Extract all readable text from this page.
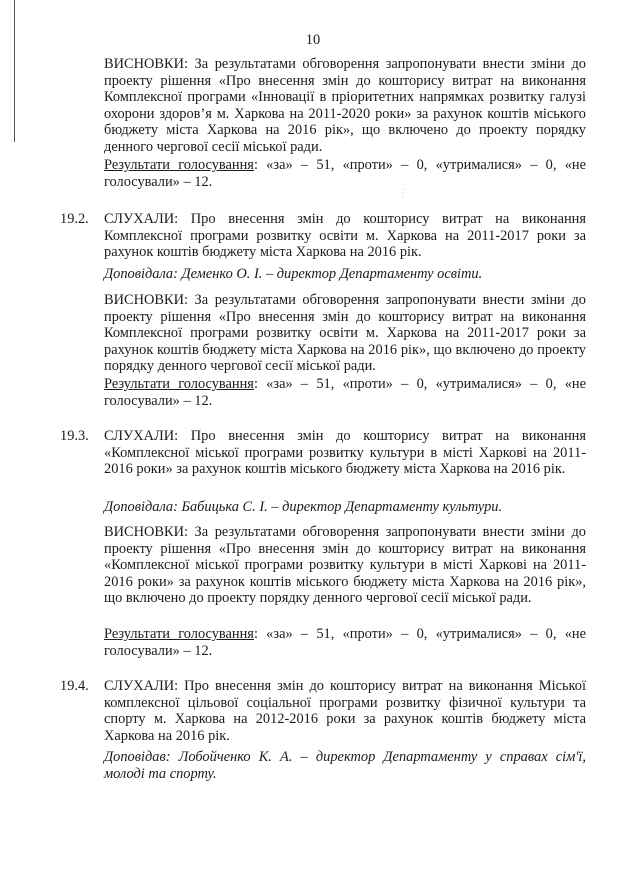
10
ВИСНОВКИ: За результатами обговорення запропонувати внести зміни до проекту рішення «Про внесення змін до кошторису витрат на виконання Комплексної програми «Інновації в пріоритетних напрямках розвитку галузі охорони здоров’я м. Харкова на 2011-2020 роки» за рахунок коштів міського бюджету міста Харкова на 2016 рік», що включено до проекту порядку денного чергової сесії міської ради.
Результати голосування: «за» – 51, «проти» – 0, «утрималися» – 0, «не голосували» – 12.
⋮
19.2. СЛУХАЛИ: Про внесення змін до кошторису витрат на виконання Комплексної програми розвитку освіти м. Харкова на 2011-2017 роки за рахунок коштів бюджету міста Харкова на 2016 рік.
Доповідала: Деменко О. І. – директор Департаменту освіти.
ВИСНОВКИ: За результатами обговорення запропонувати внести зміни до проекту рішення «Про внесення змін до кошторису витрат на виконання Комплексної програми розвитку освіти м. Харкова на 2011-2017 роки за рахунок коштів бюджету міста Харкова на 2016 рік», що включено до проекту порядку денного чергової сесії міської ради.
Результати голосування: «за» – 51, «проти» – 0, «утрималися» – 0, «не голосували» – 12.
19.3. СЛУХАЛИ: Про внесення змін до кошторису витрат на виконання «Комплексної міської програми розвитку культури в місті Харкові на 2011-2016 роки» за рахунок коштів міського бюджету міста Харкова на 2016 рік.
Доповідала: Бабицька С. І. – директор Департаменту культури.
ВИСНОВКИ: За результатами обговорення запропонувати внести зміни до проекту рішення «Про внесення змін до кошторису витрат на виконання «Комплексної міської програми розвитку культури в місті Харкові на 2011-2016 роки» за рахунок коштів міського бюджету міста Харкова на 2016 рік», що включено до проекту порядку денного чергової сесії міської ради.
Результати голосування: «за» – 51, «проти» – 0, «утрималися» – 0, «не голосували» – 12.
19.4. СЛУХАЛИ: Про внесення змін до кошторису витрат на виконання Міської комплексної цільової соціальної програми розвитку фізичної культури та спорту м. Харкова на 2012-2016 роки за рахунок коштів бюджету міста Харкова на 2016 рік.
Доповідав: Лобойченко К. А. – директор Департаменту у справах сім'ї, молоді та спорту.
